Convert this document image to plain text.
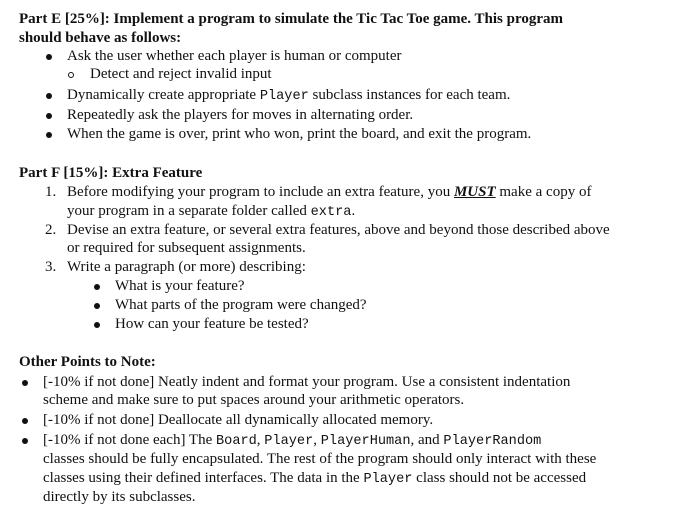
Part E [25%]: Implement a program to simulate the Tic Tac Toe game. This program
should behave as follows:
Ask the user whether each player is human or computer
Detect and reject invalid input
Dynamically create appropriate Player subclass instances for each team.
Repeatedly ask the players for moves in alternating order.
When the game is over, print who won, print the board, and exit the program.
Part F [15%]: Extra Feature
1. Before modifying your program to include an extra feature, you MUST make a copy of
your program in a separate folder called extra.
2. Devise an extra feature, or several extra features, above and beyond those described above
or required for subsequent assignments.
3. Write a paragraph (or more) describing:
What is your feature?
What parts of the program were changed?
How can your feature be tested?
Other Points to Note:
[-10% if not done] Neatly indent and format your program. Use a consistent indentation
scheme and make sure to put spaces around your arithmetic operators.
[-10% if not done] Deallocate all dynamically allocated memory.
[-10% if not done each] The Board, Player, PlayerHuman, and PlayerRandom
classes should be fully encapsulated. The rest of the program should only interact with these
classes using their defined interfaces. The data in the Player class should not be accessed
directly by its subclasses.
